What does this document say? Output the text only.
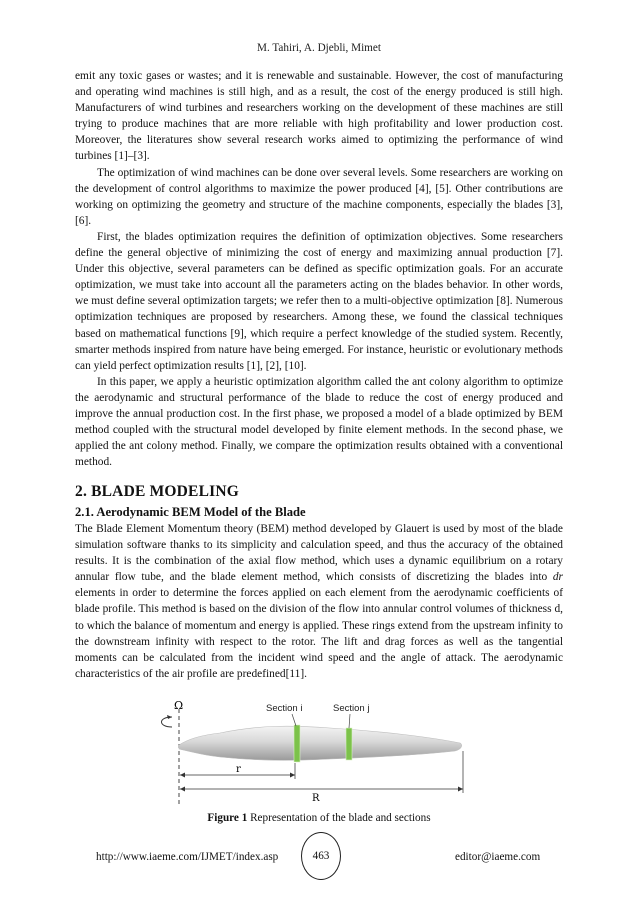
M. Tahiri, A. Djebli, Mimet

emit any toxic gases or wastes; and it is renewable and sustainable. However, the cost of manufacturing and operating wind machines is still high, and as a result, the cost of the energy produced is still high. Manufacturers of wind turbines and researchers working on the development of these machines are still trying to produce machines that are more reliable with high profitability and lower production cost. Moreover, the literatures show several research works aimed to optimizing the performance of wind turbines [1]–[3].

The optimization of wind machines can be done over several levels. Some researchers are working on the development of control algorithms to maximize the power produced [4], [5]. Other contributions are working on optimizing the geometry and structure of the machine components, especially the blades [3], [6].

First, the blades optimization requires the definition of optimization objectives. Some researchers define the general objective of minimizing the cost of energy and maximizing annual production [7]. Under this objective, several parameters can be defined as specific optimization goals. For an accurate optimization, we must take into account all the parameters acting on the blades behavior. In other words, we must define several optimization targets; we refer then to a multi-objective optimization [8]. Numerous optimization techniques are proposed by researchers. Among these, we found the classical techniques based on mathematical functions [9], which require a perfect knowledge of the studied system. Recently, smarter methods inspired from nature have being emerged. For instance, heuristic or evolutionary methods can yield perfect optimization results [1], [2], [10].

In this paper, we apply a heuristic optimization algorithm called the ant colony algorithm to optimize the aerodynamic and structural performance of the blade to reduce the cost of energy produced and improve the annual production cost. In the first phase, we proposed a model of a blade optimized by BEM method coupled with the structural model developed by finite element methods. In the second phase, we applied the ant colony method. Finally, we compare the optimization results obtained with a conventional method.

2. BLADE MODELING
2.1. Aerodynamic BEM Model of the Blade

The Blade Element Momentum theory (BEM) method developed by Glauert is used by most of the blade simulation software thanks to its simplicity and calculation speed, and thus the accuracy of the obtained results. It is the combination of the axial flow method, which uses a dynamic equilibrium on a rotary annular flow tube, and the blade element method, which consists of discretizing the blades into dr elements in order to determine the forces applied on each element from the aerodynamic coefficients of blade profile. This method is based on the division of the flow into annular control volumes of thickness d, to which the balance of momentum and energy is applied. These rings extend from the upstream infinity to the downstream infinity with respect to the rotor. The lift and drag forces as well as the tangential moments can be calculated from the incident wind speed and the angle of attack. The aerodynamic characteristics of the air profile are predefined[11].

Ω	Section i	Section j
r
R
Figure 1 Representation of the blade and sections
http://www.iaeme.com/IJMET/index.asp	463	editor@iaeme.com
